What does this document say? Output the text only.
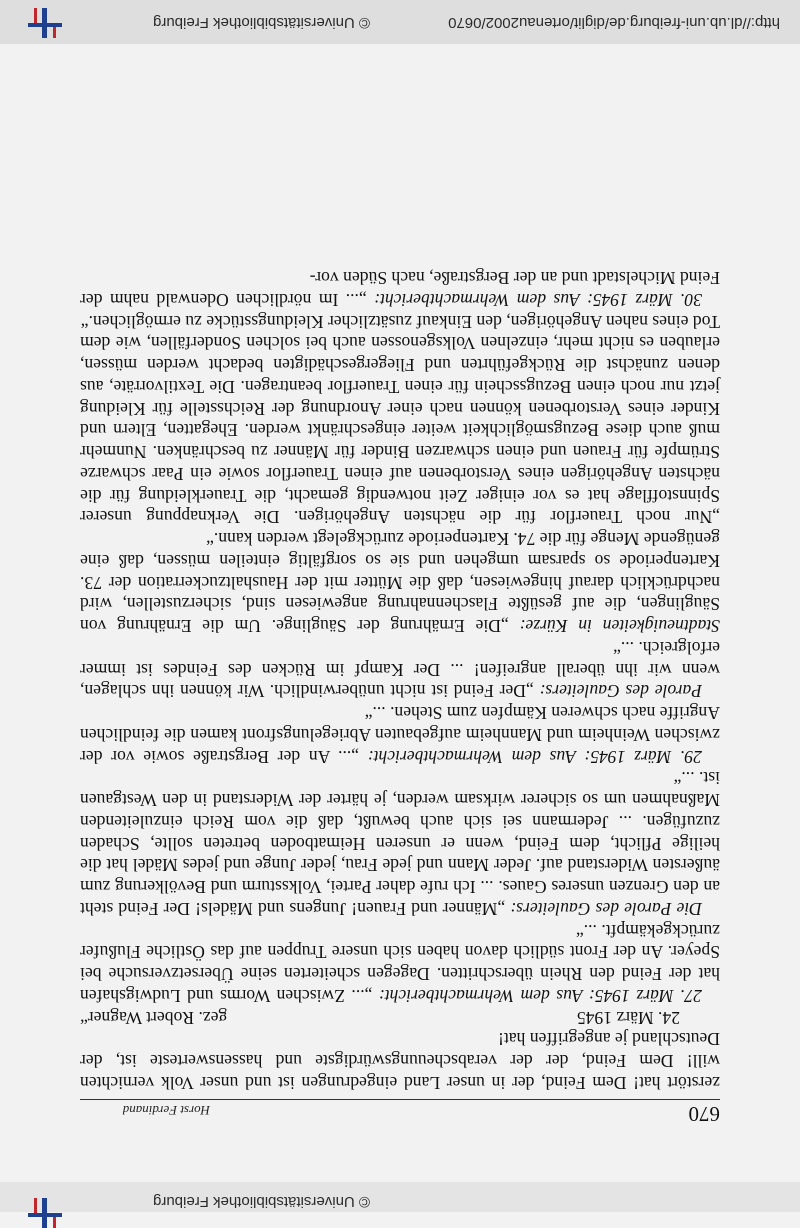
http://dl.ub.uni-freiburg.de/diglit/ortenau2002/0670
© Universitätsbibliothek Freiburg
© Universitätsbibliothek Freiburg
670
Horst Ferdinand

zerstört hat! Dem Feind, der in unser Land eingedrungen ist und unser Volk vernichten will! Dem Feind, der der verabscheuungswürdigste und hassenswerteste ist, der Deutschland je angegriffen hat!

24. März 1945
gez. Robert Wagner“

27. März 1945: Aus dem Wehrmachtbericht: „... Zwischen Worms und Ludwigshafen hat der Feind den Rhein überschritten. Dagegen scheiterten seine Übersetzversuche bei Speyer. An der Front südlich davon haben sich unsere Truppen auf das Östliche Flußufer zurückgekämpft. ...“

Die Parole des Gauleiters: „Männer und Frauen! Jungens und Mädels! Der Feind steht an den Grenzen unseres Gaues. ... Ich rufe daher Partei, Volkssturm und Bevölkerung zum äußersten Widerstand auf. Jeder Mann und jede Frau, jeder Junge und jedes Mädel hat die heilige Pflicht, dem Feind, wenn er unseren Heimatboden betreten sollte, Schaden zuzufügen. ... Jedermann sei sich auch bewußt, daß die vom Reich einzuleitenden Maßnahmen um so sicherer wirksam werden, je härter der Widerstand in den Westgauen ist. ...“

29. März 1945: Aus dem Wehrmachtbericht: „... An der Bergstraße sowie vor der zwischen Weinheim und Mannheim aufgebauten Abriegelungsfront kamen die feindlichen Angriffe nach schweren Kämpfen zum Stehen. ...“

Parole des Gauleiters: „Der Feind ist nicht unüberwindlich. Wir können ihn schlagen, wenn wir ihn überall angreifen! ... Der Kampf im Rücken des Feindes ist immer erfolgreich. ...“

Stadtneuigkeiten in Kürze: „Die Ernährung der Säuglinge. Um die Ernährung von Säuglingen, die auf gesüßte Flaschennahrung angewiesen sind, sicherzustellen, wird nachdrücklich darauf hingewiesen, daß die Mütter mit der Haushaltzuckerration der 73. Kartenperiode so sparsam umgehen und sie so sorgfältig einteilen müssen, daß eine genügende Menge für die 74. Kartenperiode zurückgelegt werden kann.“

„Nur noch Trauerflor für die nächsten Angehörigen. Die Verknappung unserer Spinnstofflage hat es vor einiger Zeit notwendig gemacht, die Trauerkleidung für die nächsten Angehörigen eines Verstorbenen auf einen Trauerflor sowie ein Paar schwarze Strümpfe für Frauen und einen schwarzen Binder für Männer zu beschränken. Nunmehr muß auch diese Bezugsmöglichkeit weiter eingeschränkt werden. Ehegatten, Eltern und Kinder eines Verstorbenen können nach einer Anordnung der Reichsstelle für Kleidung jetzt nur noch einen Bezugsschein für einen Trauerflor beantragen. Die Textilvorräte, aus denen zunächst die Rückgeführten und Fliegergeschädigten bedacht werden müssen, erlauben es nicht mehr, einzelnen Volksgenossen auch bei solchen Sonderfällen, wie dem Tod eines nahen Angehörigen, den Einkauf zusätzlicher Kleidungsstücke zu ermöglichen.“

30. März 1945: Aus dem Wehrmachtbericht: „... Im nördlichen Odenwald nahm der Feind Michelstadt und an der Bergstraße, nach Süden vor-
